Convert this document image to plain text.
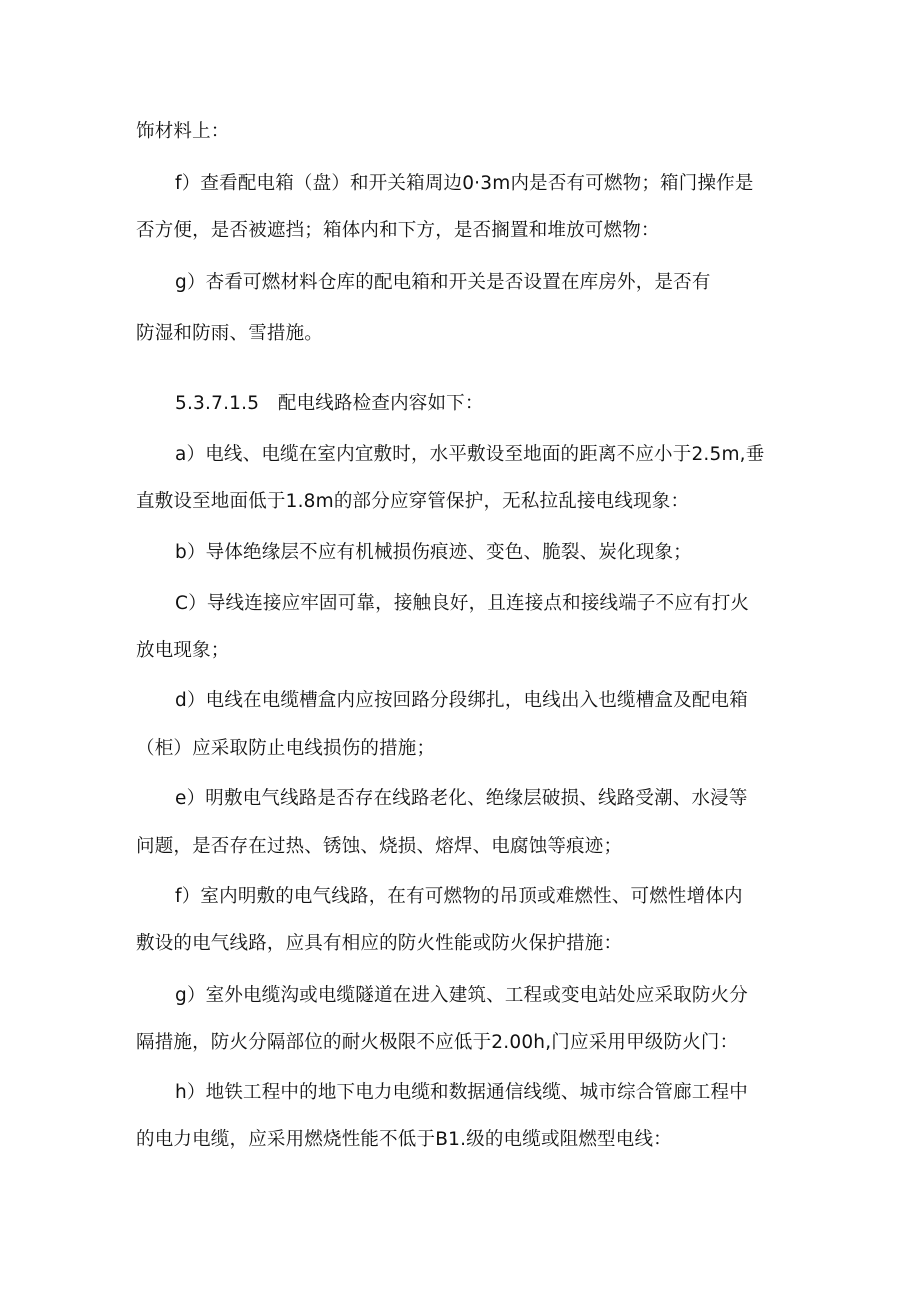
饰材料上：
f）查看配电箱（盘）和开关箱周边0·3m内是否有可燃物；箱门操作是
否方便，是否被遮挡；箱体内和下方，是否搁置和堆放可燃物：
g）杏看可燃材料仓库的配电箱和开关是否设置在库房外，是否有
防湿和防雨、雪措施。
5.3.7.1.5　配电线路检查内容如下：
a）电线、电缆在室内宜敷时，水平敷设至地面的距离不应小于2.5m,垂
直敷设至地面低于1.8m的部分应穿管保护，无私拉乱接电线现象：
b）导体绝缘层不应有机械损伤痕迹、变色、脆裂、炭化现象；
C）导线连接应牢固可靠，接触良好，且连接点和接线端子不应有打火
放电现象；
d）电线在电缆槽盒内应按回路分段绑扎，电线出入也缆槽盒及配电箱
（柜）应采取防止电线损伤的措施；
e）明敷电气线路是否存在线路老化、绝缘层破损、线路受潮、水浸等
问题，是否存在过热、锈蚀、烧损、熔焊、电腐蚀等痕迹；
f）室内明敷的电气线路，在有可燃物的吊顶或难燃性、可燃性增体内
敷设的电气线路，应具有相应的防火性能或防火保护措施：
g）室外电缆沟或电缆隧道在进入建筑、工程或变电站处应采取防火分
隔措施，防火分隔部位的耐火极限不应低于2.00h,门应采用甲级防火门：
h）地铁工程中的地下电力电缆和数据通信线缆、城市综合管廊工程中
的电力电缆，应采用燃烧性能不低于B1.级的电缆或阻燃型电线：
